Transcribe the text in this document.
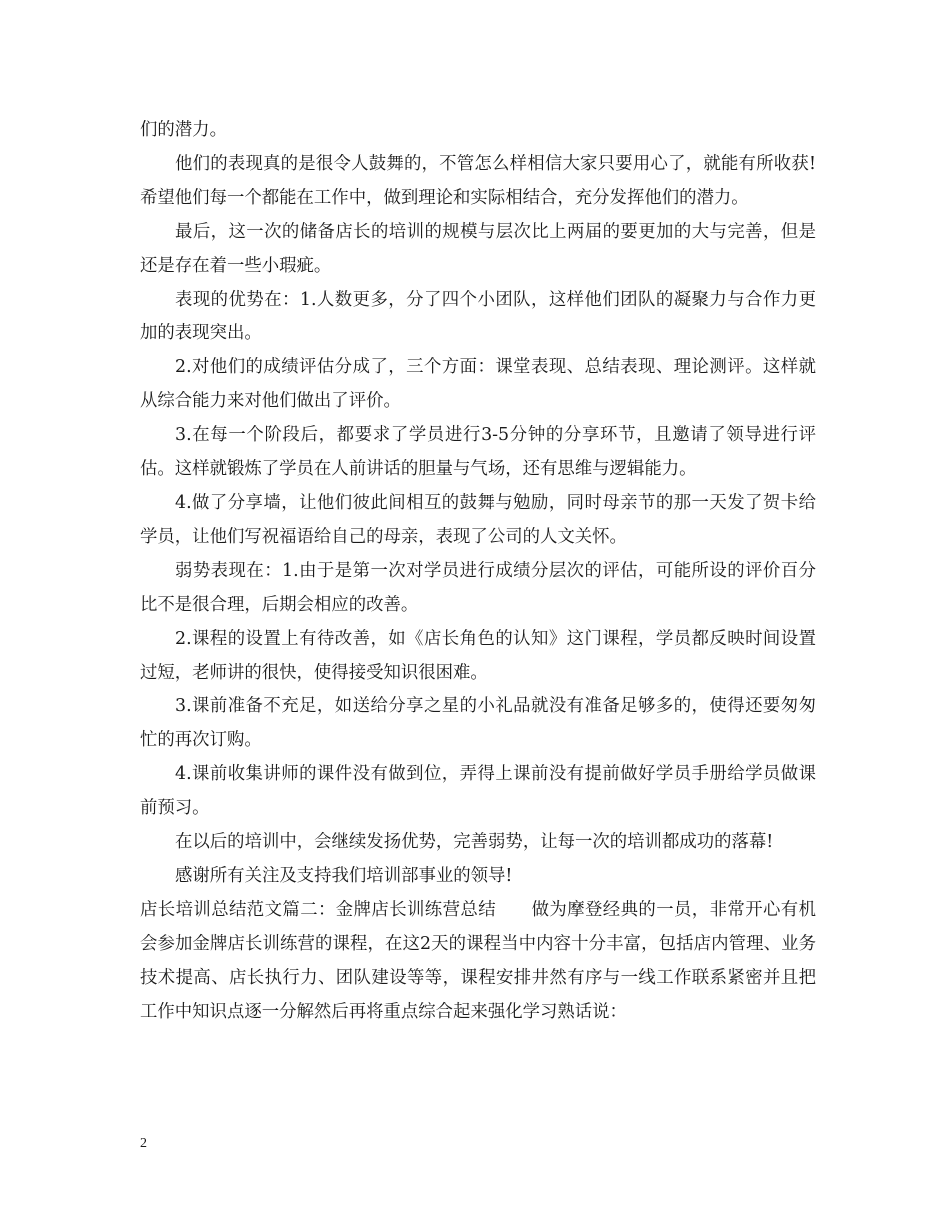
们的潜力。

他们的表现真的是很令人鼓舞的，不管怎么样相信大家只要用心了，就能有所收获!希望他们每一个都能在工作中，做到理论和实际相结合，充分发挥他们的潜力。

最后，这一次的储备店长的培训的规模与层次比上两届的要更加的大与完善，但是还是存在着一些小瑕疵。

表现的优势在：1.人数更多，分了四个小团队，这样他们团队的凝聚力与合作力更加的表现突出。

2.对他们的成绩评估分成了，三个方面：课堂表现、总结表现、理论测评。这样就从综合能力来对他们做出了评价。

3.在每一个阶段后，都要求了学员进行3-5分钟的分享环节，且邀请了领导进行评估。这样就锻炼了学员在人前讲话的胆量与气场，还有思维与逻辑能力。

4.做了分享墙，让他们彼此间相互的鼓舞与勉励，同时母亲节的那一天发了贺卡给学员，让他们写祝福语给自己的母亲，表现了公司的人文关怀。

弱势表现在：1.由于是第一次对学员进行成绩分层次的评估，可能所设的评价百分比不是很合理，后期会相应的改善。

2.课程的设置上有待改善，如《店长角色的认知》这门课程，学员都反映时间设置过短，老师讲的很快，使得接受知识很困难。

3.课前准备不充足，如送给分享之星的小礼品就没有准备足够多的，使得还要匆匆忙的再次订购。

4.课前收集讲师的课件没有做到位，弄得上课前没有提前做好学员手册给学员做课前预习。

在以后的培训中，会继续发扬优势，完善弱势，让每一次的培训都成功的落幕!

感谢所有关注及支持我们培训部事业的领导!

店长培训总结范文篇二：金牌店长训练营总结　　做为摩登经典的一员，非常开心有机会参加金牌店长训练营的课程，在这2天的课程当中内容十分丰富，包括店内管理、业务技术提高、店长执行力、团队建设等等，课程安排井然有序与一线工作联系紧密并且把工作中知识点逐一分解然后再将重点综合起来强化学习熟话说：

2
